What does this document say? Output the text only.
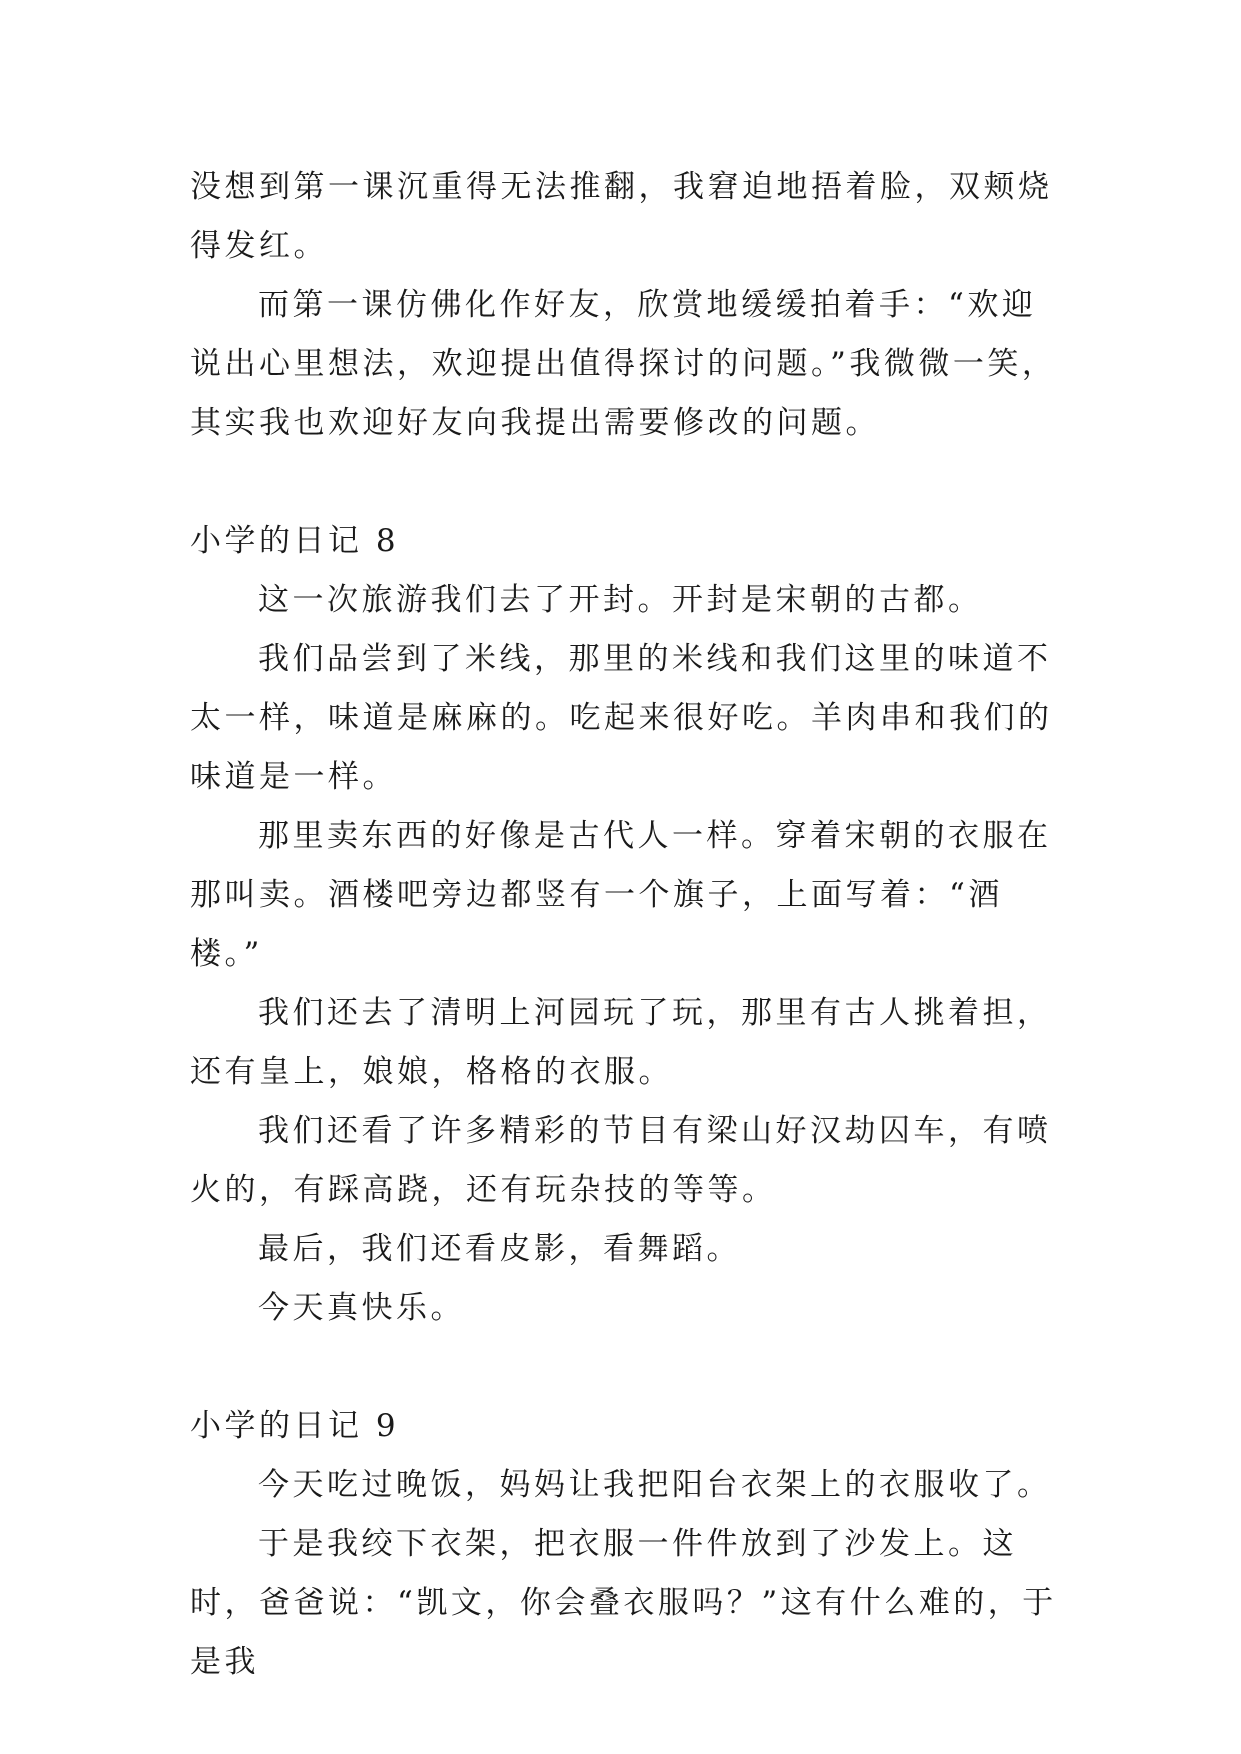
没想到第一课沉重得无法推翻，我窘迫地捂着脸，双颊烧得发红。

而第一课仿佛化作好友，欣赏地缓缓拍着手：“欢迎说出心里想法，欢迎提出值得探讨的问题。”我微微一笑，其实我也欢迎好友向我提出需要修改的问题。

小学的日记 8

这一次旅游我们去了开封。开封是宋朝的古都。

我们品尝到了米线，那里的米线和我们这里的味道不太一样，味道是麻麻的。吃起来很好吃。羊肉串和我们的味道是一样。

那里卖东西的好像是古代人一样。穿着宋朝的衣服在那叫卖。酒楼吧旁边都竖有一个旗子，上面写着：“酒楼。”

我们还去了清明上河园玩了玩，那里有古人挑着担，还有皇上，娘娘，格格的衣服。

我们还看了许多精彩的节目有梁山好汉劫囚车，有喷火的，有踩高跷，还有玩杂技的等等。

最后，我们还看皮影，看舞蹈。

今天真快乐。

小学的日记 9

今天吃过晚饭，妈妈让我把阳台衣架上的衣服收了。

于是我绞下衣架，把衣服一件件放到了沙发上。这时，爸爸说：“凯文，你会叠衣服吗？”这有什么难的，于是我
